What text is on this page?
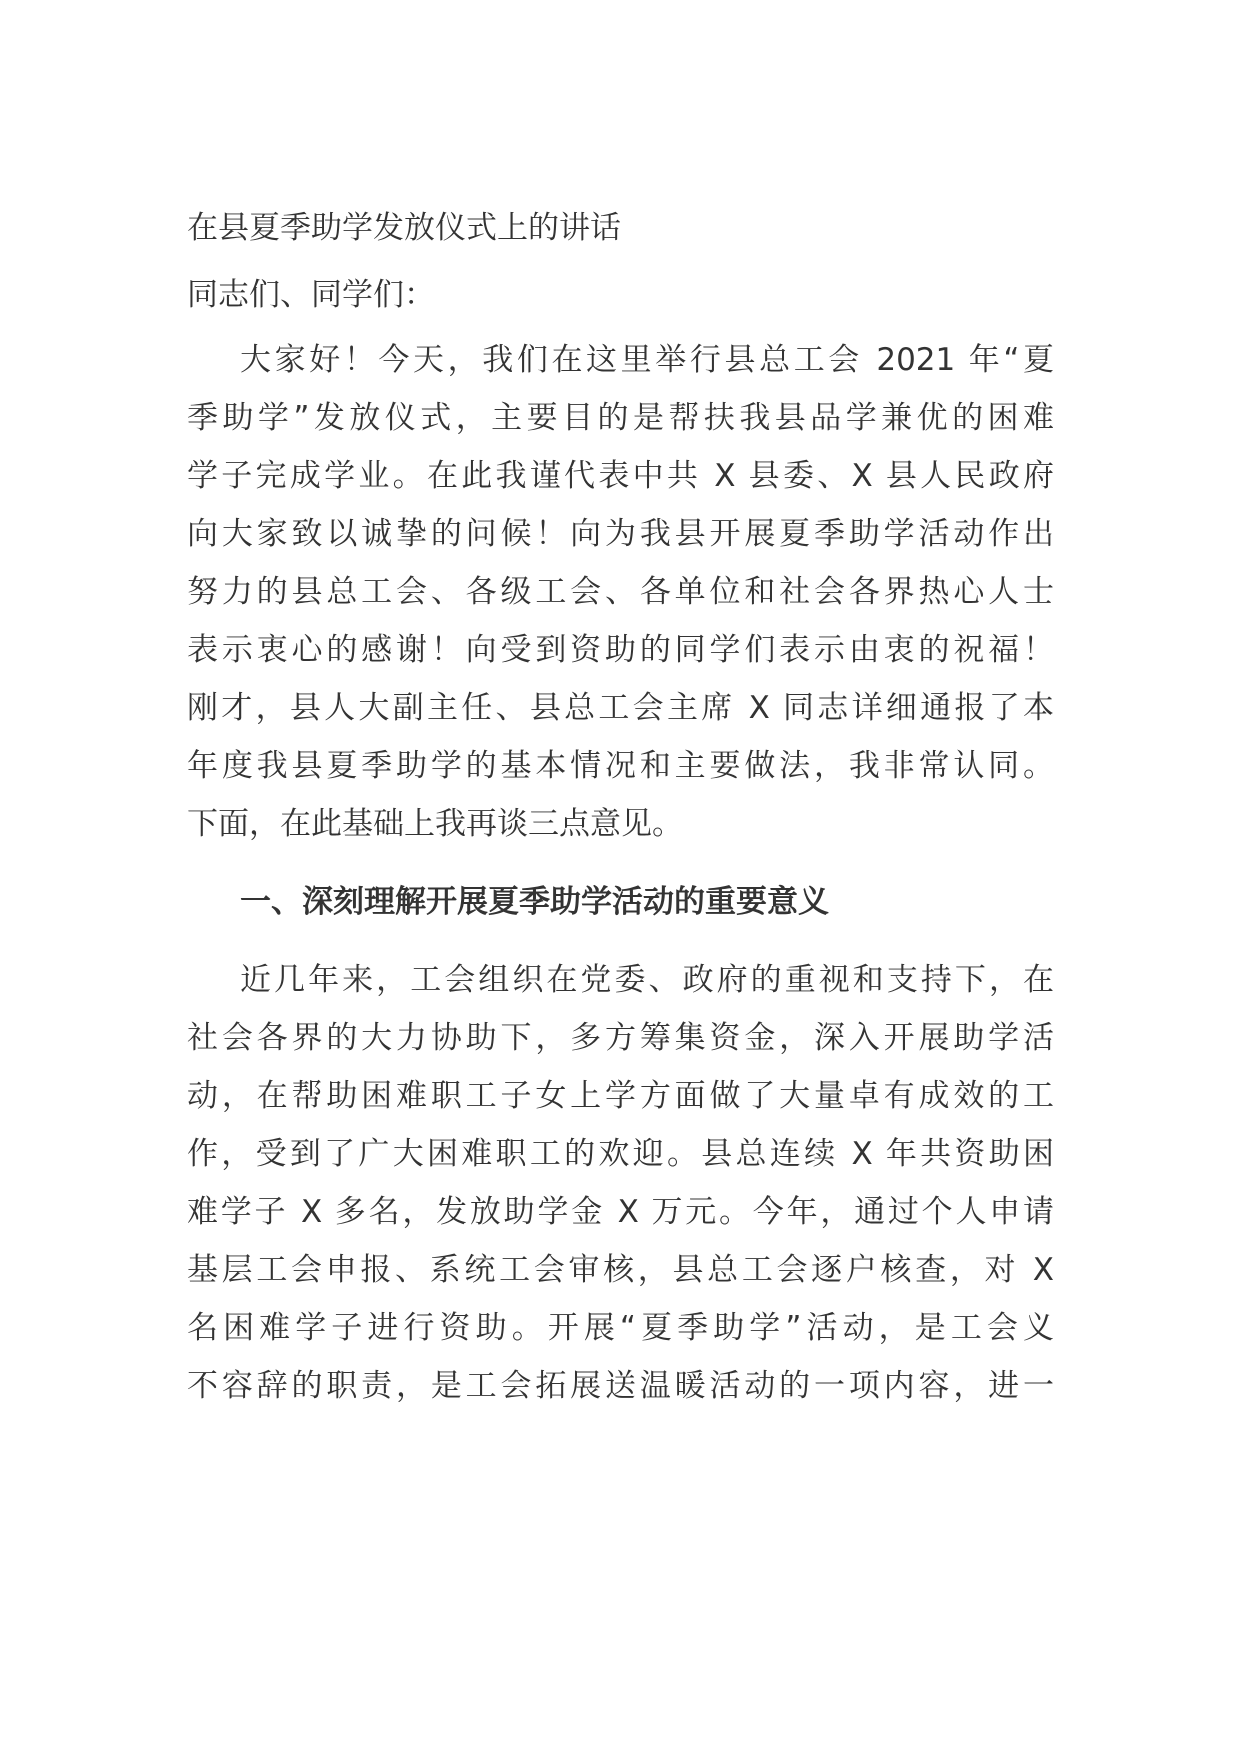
在县夏季助学发放仪式上的讲话
同志们、同学们：
大家好！今天，我们在这里举行县总工会 2021 年“夏
季助学”发放仪式，主要目的是帮扶我县品学兼优的困难
学子完成学业。在此我谨代表中共 X 县委、X 县人民政府
向大家致以诚挚的问候！向为我县开展夏季助学活动作出
努力的县总工会、各级工会、各单位和社会各界热心人士
表示衷心的感谢！向受到资助的同学们表示由衷的祝福！
刚才，县人大副主任、县总工会主席 X 同志详细通报了本
年度我县夏季助学的基本情况和主要做法，我非常认同。
下面，在此基础上我再谈三点意见。
一、深刻理解开展夏季助学活动的重要意义
近几年来，工会组织在党委、政府的重视和支持下，在
社会各界的大力协助下，多方筹集资金，深入开展助学活
动，在帮助困难职工子女上学方面做了大量卓有成效的工
作，受到了广大困难职工的欢迎。县总连续 X 年共资助困
难学子 X 多名，发放助学金 X 万元。今年，通过个人申请
基层工会申报、系统工会审核，县总工会逐户核查，对 X
名困难学子进行资助。开展“夏季助学”活动，是工会义
不容辞的职责，是工会拓展送温暖活动的一项内容，进一
